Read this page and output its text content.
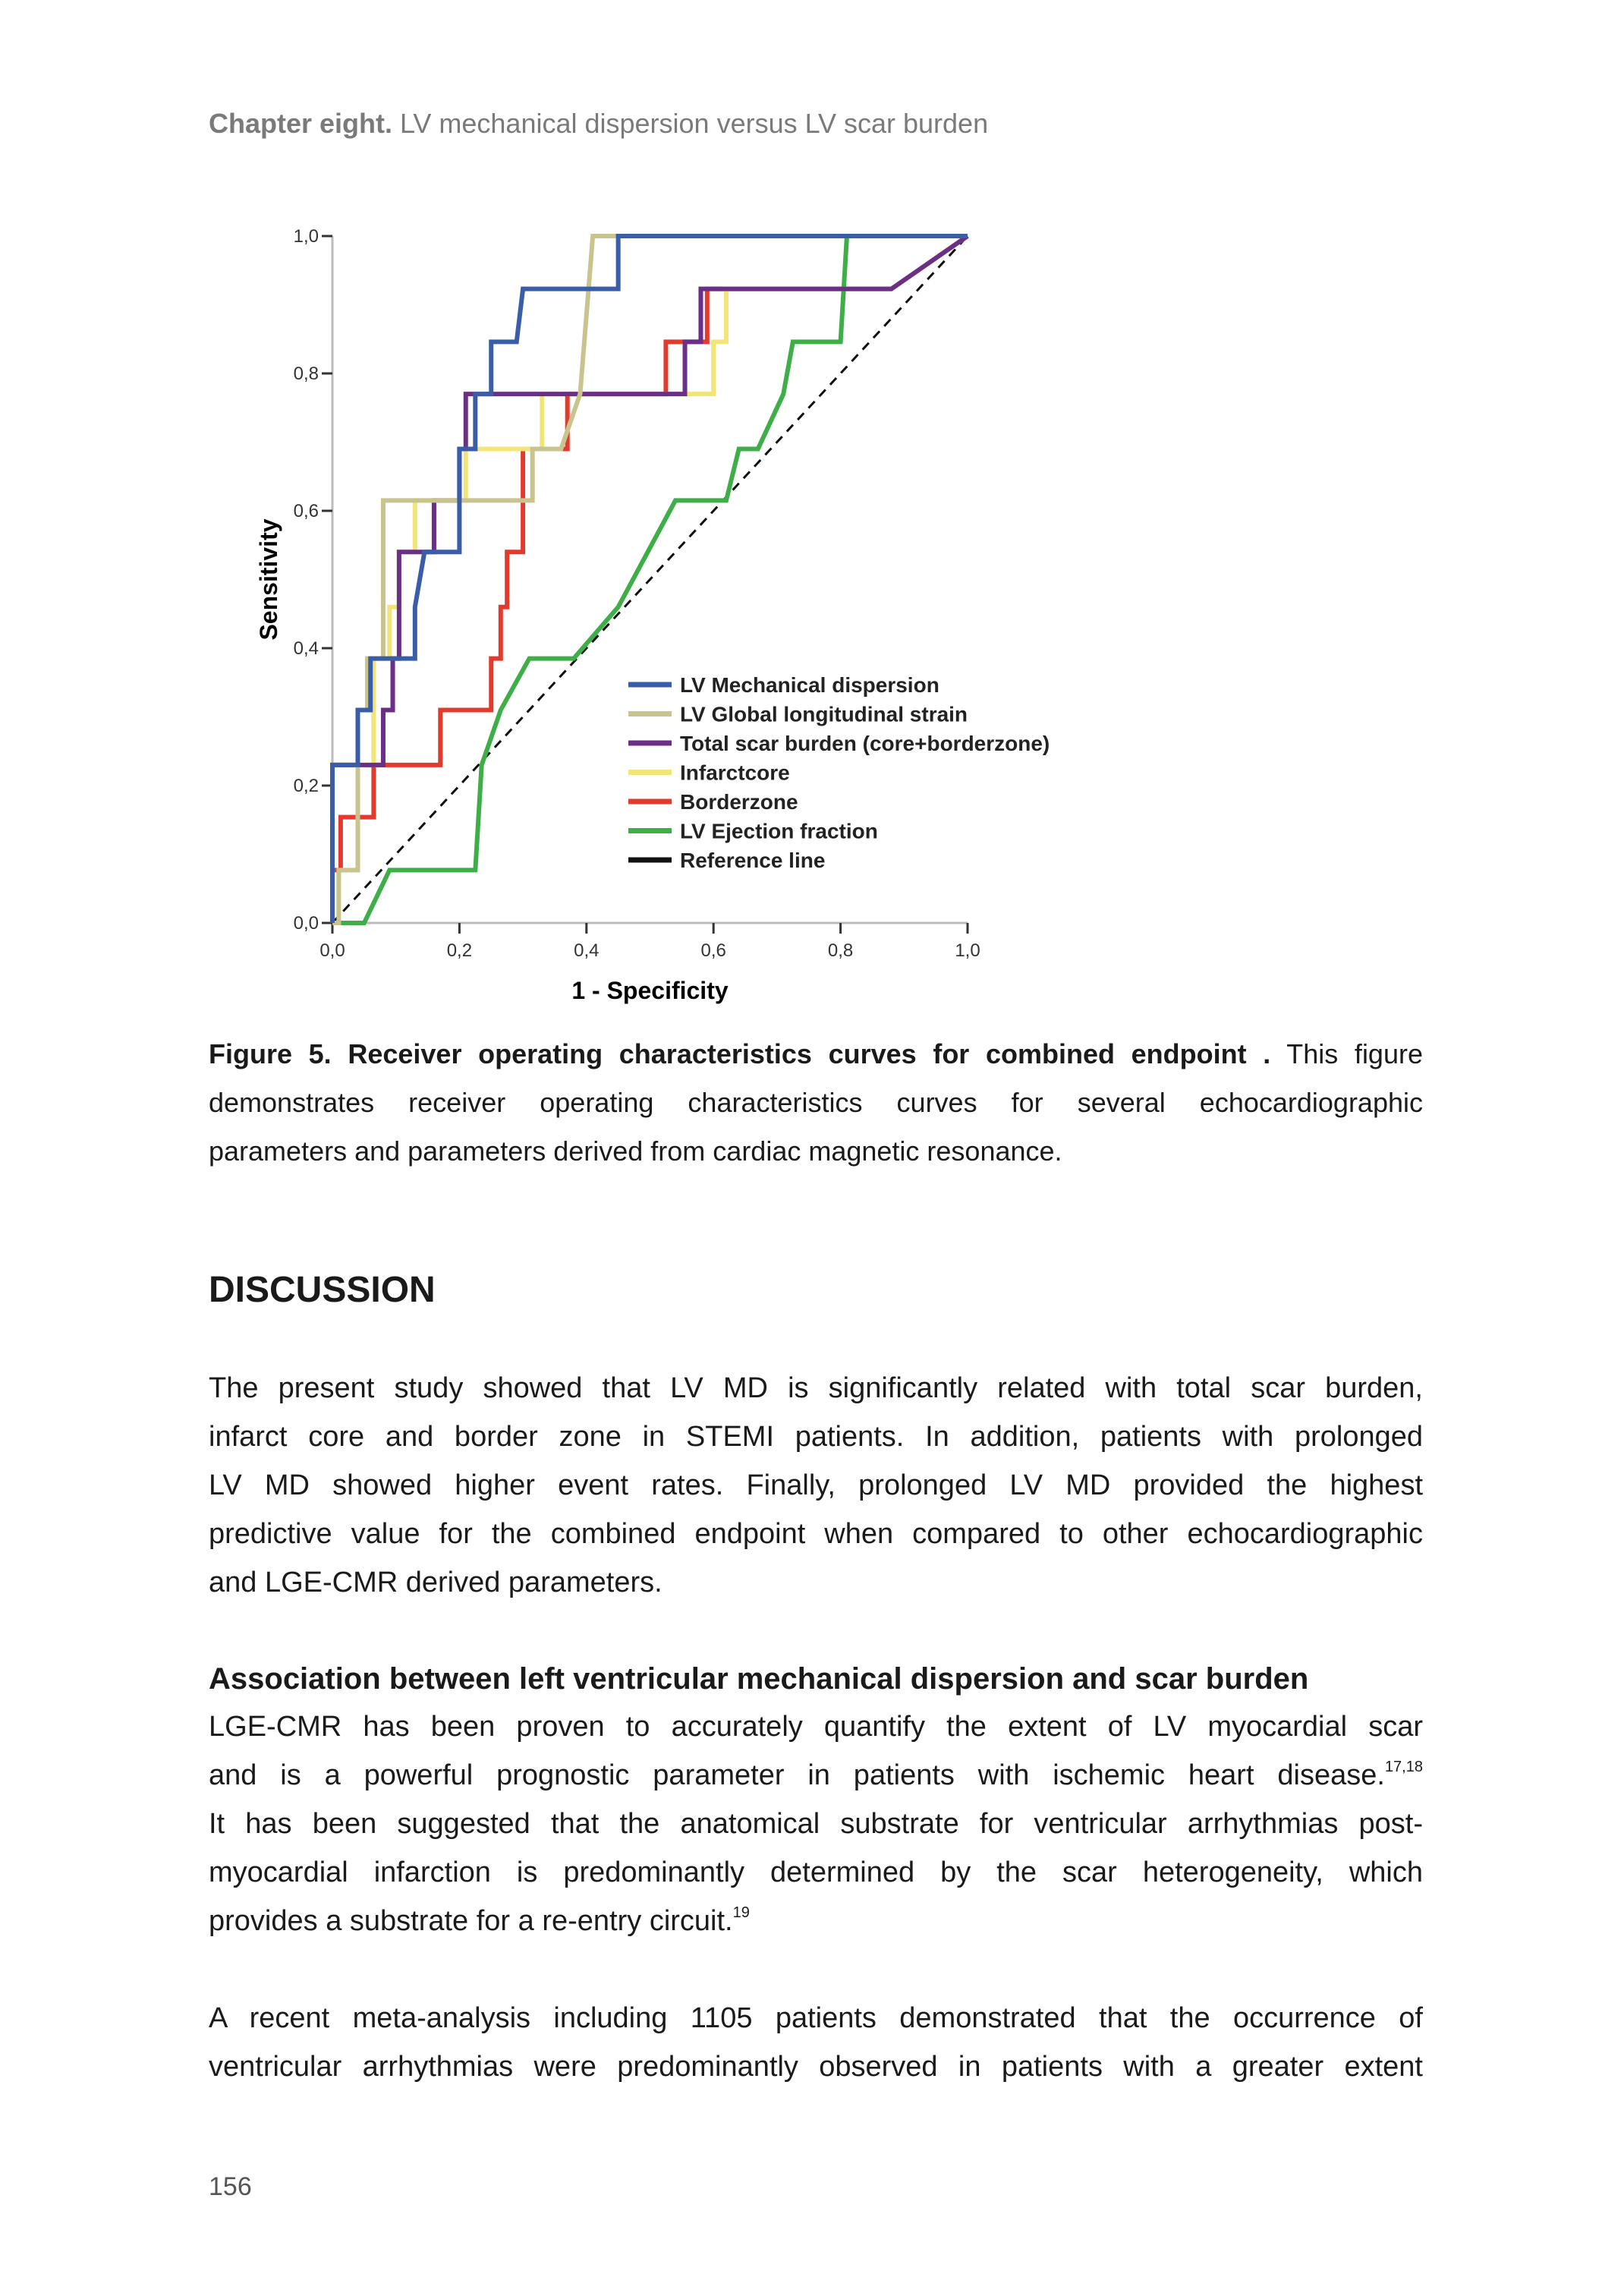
Chapter eight. LV mechanical dispersion versus LV scar burden
0,0	0,2	0,4	0,6	0,8	1,0
0,0
0,2
0,4
0,6
0,8
1,0
1 - Specificity
Sensitivity
LV Mechanical dispersion
LV Global longitudinal strain
Total scar burden (core+borderzone)
Infarctcore
Borderzone
LV Ejection fraction
Reference line
Figure 5. Receiver operating characteristics curves for combined endpoint . This figure
demonstrates receiver operating characteristics curves for several echocardiographic
parameters and parameters derived from cardiac magnetic resonance.
DISCUSSION
The present study showed that LV MD is significantly related with total scar burden,
infarct core and border zone in STEMI patients. In addition, patients with prolonged
LV MD showed higher event rates. Finally, prolonged LV MD provided the highest
predictive value for the combined endpoint when compared to other echocardiographic
and LGE-CMR derived parameters.
Association between left ventricular mechanical dispersion and scar burden
LGE-CMR has been proven to accurately quantify the extent of LV myocardial scar
and is a powerful prognostic parameter in patients with ischemic heart disease.$^{17,18}$
It has been suggested that the anatomical substrate for ventricular arrhythmias post-
myocardial infarction is predominantly determined by the scar heterogeneity, which
provides a substrate for a re-entry circuit.$^{19}$
A recent meta-analysis including 1105 patients demonstrated that the occurrence of
ventricular arrhythmias were predominantly observed in patients with a greater extent
156
